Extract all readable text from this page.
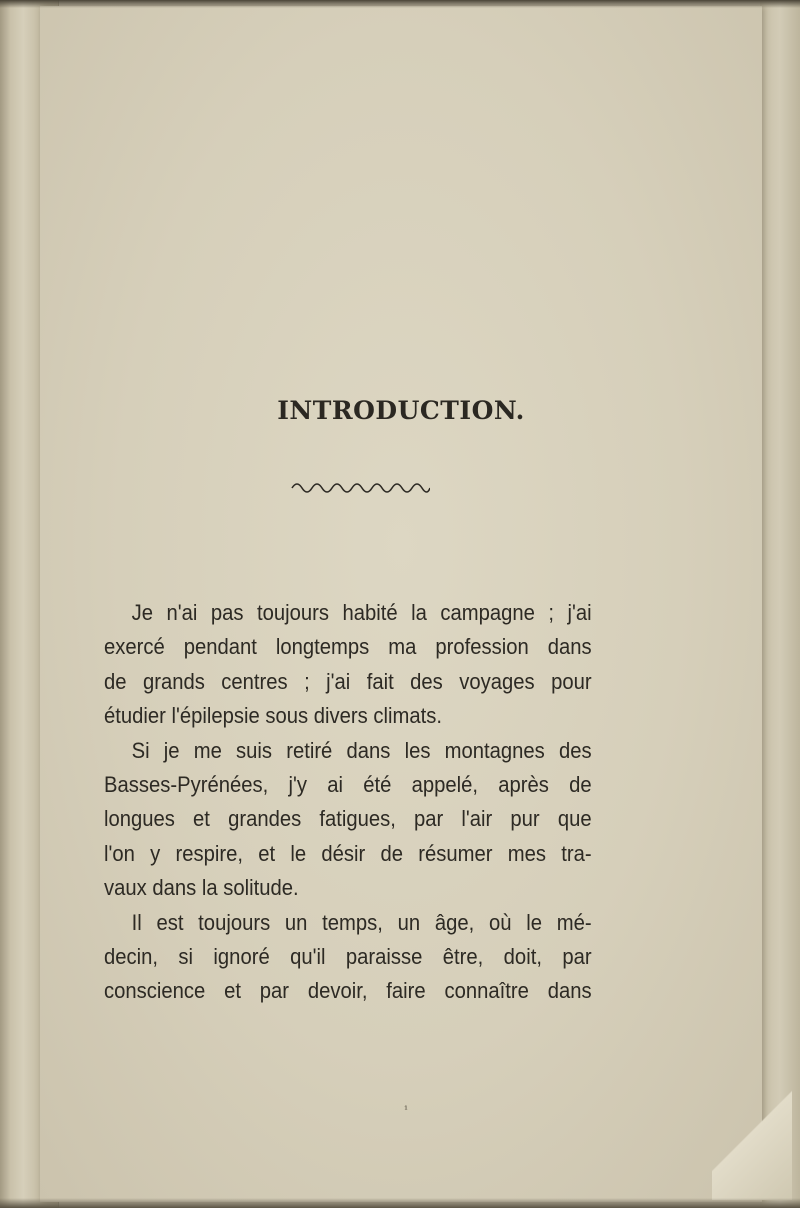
INTRODUCTION.
Je n'ai pas toujours habité la campagne ; j'ai
exercé pendant longtemps ma profession dans
de grands centres ; j'ai fait des voyages pour
étudier l'épilepsie sous divers climats.
Si je me suis retiré dans les montagnes des
Basses-Pyrénées, j'y ai été appelé, après de
longues et grandes fatigues, par l'air pur que
l'on y respire, et le désir de résumer mes tra-
vaux dans la solitude.
Il est toujours un temps, un âge, où le mé-
decin, si ignoré qu'il paraisse être, doit, par
conscience et par devoir, faire connaître dans
¹
